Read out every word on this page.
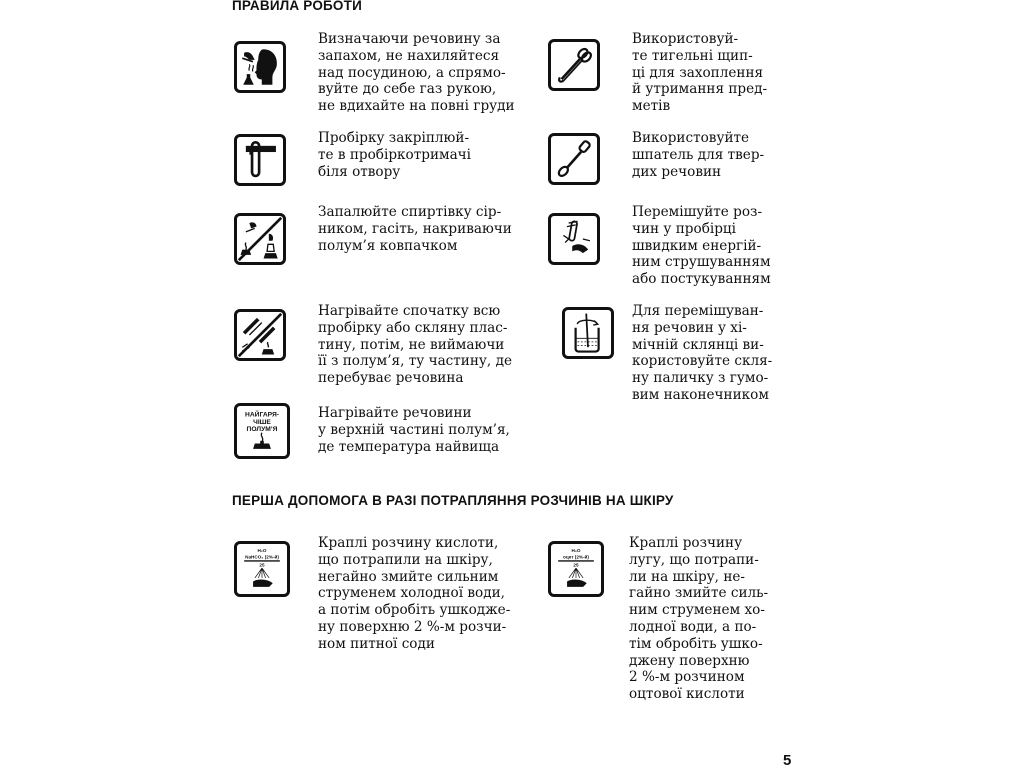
ПРАВИЛА РОБОТИ

Визначаючи речовину за
запахом, не нахиляйтеся
над посудиною, а спрямо-
вуйте до себе газ рукою,
не вдихайте на повні груди

Використовуй-
те тигельні щип-
ці для захоплення
й утримання пред-
метів

Пробірку закріплюй-
те в пробіркотримачі
біля отвору

Використовуйте
шпатель для твер-
дих речовин

Запалюйте спиртівку сір-
ником, гасіть, накриваючи
полум’я ковпачком

Перемішуйте роз-
чин у пробірці
швидким енергій-
ним струшуванням
або постукуванням

Нагрівайте спочатку всю
пробірку або скляну плас-
тину, потім, не виймаючи
її з полум’я, ту частину, де
перебуває речовина

Для перемішуван-
ня речовин у хі-
мічній склянці ви-
користовуйте скля-
ну паличку з гумо-
вим наконечником

НАЙГАРЯ-
ЧІШЕ
ПОЛУМ’Я

Нагрівайте речовини
у верхній частині полум’я,
де температура найвища

ПЕРША ДОПОМОГА В РАЗІ ПОТРАПЛЯННЯ РОЗЧИНІВ НА ШКІРУ
H₂O
NaHCO₃ (2%-й)
25

Краплі розчину кислоти,
що потрапили на шкіру,
негайно змийте сильним
струменем холодної води,
а потім обробіть ушкодже-
ну поверхню 2 %-м розчи-
ном питної соди

H₂O
оцет (2%-й)
25

Краплі розчину
лугу, що потрапи-
ли на шкіру, не-
гайно змийте силь-
ним струменем хо-
лодної води, а по-
тім обробіть ушко-
джену поверхню
2 %-м розчином
оцтової кислоти

5
